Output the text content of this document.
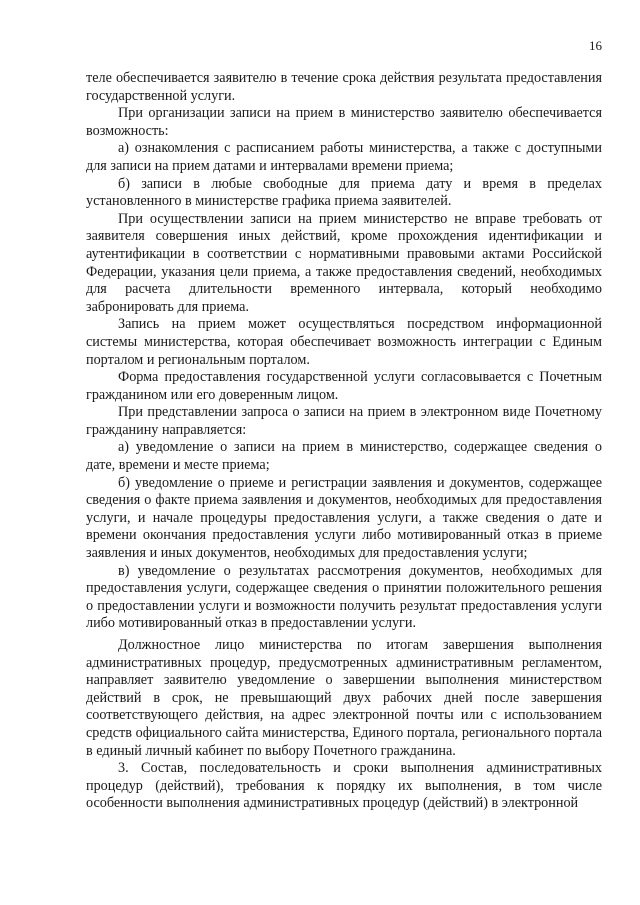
16

теле обеспечивается заявителю в течение срока действия результата предоставления государственной услуги.

При организации записи на прием в министерство заявителю обеспечивается возможность:

а) ознакомления с расписанием работы министерства, а также с доступными для записи на прием датами и интервалами времени приема;

б) записи в любые свободные для приема дату и время в пределах установленного в министерстве графика приема заявителей.

При осуществлении записи на прием министерство не вправе требовать от заявителя совершения иных действий, кроме прохождения идентификации и аутентификации в соответствии с нормативными правовыми актами Российской Федерации, указания цели приема, а также предоставления сведений, необходимых для расчета длительности временного интервала, который необходимо забронировать для приема.

Запись на прием может осуществляться посредством информационной системы министерства, которая обеспечивает возможность интеграции с Единым порталом и региональным порталом.

Форма предоставления государственной услуги согласовывается с Почетным гражданином или его доверенным лицом.

При представлении запроса о записи на прием в электронном виде Почетному гражданину направляется:

а) уведомление о записи на прием в министерство, содержащее сведения о дате, времени и месте приема;

б) уведомление о приеме и регистрации заявления и документов, содержащее сведения о факте приема заявления и документов, необходимых для предоставления услуги, и начале процедуры предоставления услуги, а также сведения о дате и времени окончания предоставления услуги либо мотивированный отказ в приеме заявления и иных документов, необходимых для предоставления услуги;

в) уведомление о результатах рассмотрения документов, необходимых для предоставления услуги, содержащее сведения о принятии положительного решения о предоставлении услуги и возможности получить результат предоставления услуги либо мотивированный отказ в предоставлении услуги.

Должностное лицо министерства по итогам завершения выполнения административных процедур, предусмотренных административным регламентом, направляет заявителю уведомление о завершении выполнения министерством действий в срок, не превышающий двух рабочих дней после завершения соответствующего действия, на адрес электронной почты или с использованием средств официального сайта министерства, Единого портала, регионального портала в единый личный кабинет по выбору Почетного гражданина.

3. Состав, последовательность и сроки выполнения административных процедур (действий), требования к порядку их выполнения, в том числе особенности выполнения административных процедур (действий) в электронной
